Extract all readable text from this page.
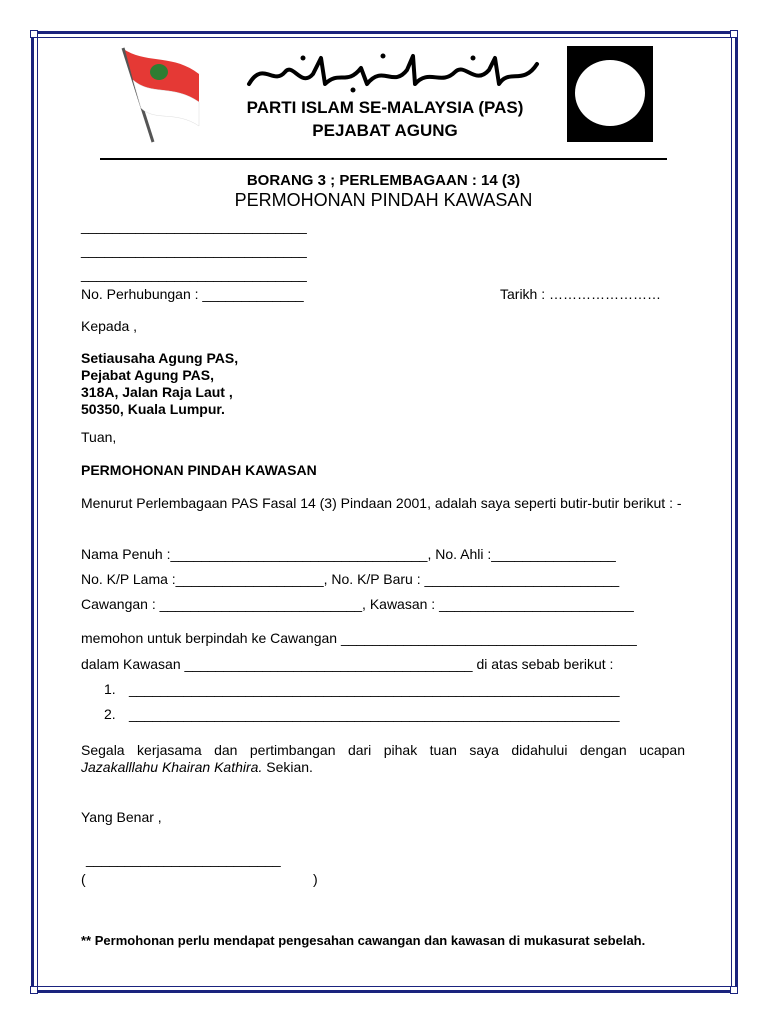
PARTI ISLAM SE-MALAYSIA (PAS)
PEJABAT AGUNG
BORANG 3 ; PERLEMBAGAAN : 14 (3)
PERMOHONAN PINDAH KAWASAN
_____________________________
_____________________________
_____________________________
No. Perhubungan : _____________	Tarikh : ……………………
Kepada ,
Setiausaha Agung PAS,
Pejabat Agung PAS,
318A, Jalan Raja Laut ,
50350, Kuala Lumpur.
Tuan,
PERMOHONAN PINDAH KAWASAN
Menurut Perlembagaan PAS Fasal 14 (3) Pindaan 2001, adalah saya seperti butir-butir berikut : -
Nama Penuh :_________________________________, No. Ahli :________________
No. K/P Lama :___________________, No. K/P Baru : _________________________
Cawangan : __________________________, Kawasan : _________________________
memohon untuk berpindah ke Cawangan ______________________________________
dalam Kawasan _____________________________________ di atas sebab berikut :
1. _______________________________________________________________
2. _______________________________________________________________
Segala kerjasama dan pertimbangan dari pihak tuan saya didahului dengan ucapan
Jazakalllahu Khairan Kathira. Sekian.
Yang Benar ,
_________________________
(	)
** Permohonan perlu mendapat pengesahan cawangan dan kawasan di mukasurat sebelah.
